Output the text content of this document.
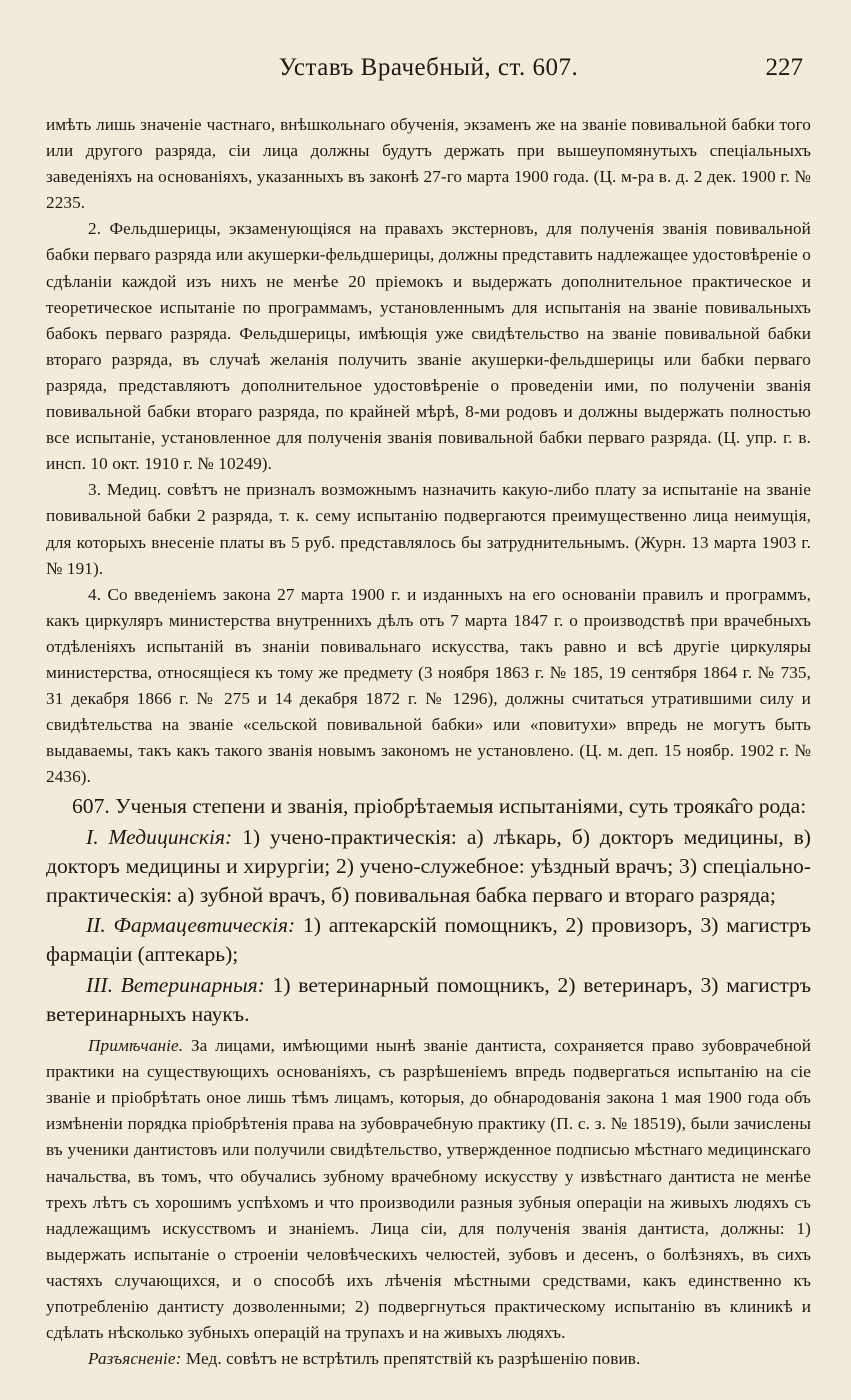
Уставъ Врачебный, ст. 607.	227

имѣть лишь значеніе частнаго, внѣшкольнаго обученія, экзаменъ же на званіе повивальной бабки того или другого разряда, сіи лица должны будутъ держать при вышеупомянутыхъ спеціальныхъ заведеніяхъ на основаніяхъ, указанныхъ въ законѣ 27-го марта 1900 года. (Ц. м-ра в. д. 2 дек. 1900 г. № 2235.

2. Фельдшерицы, экзаменующіяся на правахъ экстерновъ, для полученія званія повивальной бабки перваго разряда или акушерки-фельдшерицы, должны представить надлежащее удостовѣреніе о сдѣланіи каждой изъ нихъ не менѣе 20 пріемокъ и выдержать дополнительное практическое и теоретическое испытаніе по программамъ, установленнымъ для испытанія на званіе повивальныхъ бабокъ перваго разряда. Фельдшерицы, имѣющія уже свидѣтельство на званіе повивальной бабки втораго разряда, въ случаѣ желанія получить званіе акушерки-фельдшерицы или бабки перваго разряда, представляютъ дополнительное удостовѣреніе о проведеніи ими, по полученіи званія повивальной бабки втораго разряда, по крайней мѣрѣ, 8-ми родовъ и должны выдержать полностью все испытаніе, установленное для полученія званія повивальной бабки перваго разряда. (Ц. упр. г. в. инсп. 10 окт. 1910 г. № 10249).

3. Медиц. совѣтъ не призналъ возможнымъ назначить какую-либо плату за испытаніе на званіе повивальной бабки 2 разряда, т. к. сему испытанію подвергаются преимущественно лица неимущія, для которыхъ внесеніе платы въ 5 руб. представлялось бы затруднительнымъ. (Журн. 13 марта 1903 г. № 191).

4. Со введеніемъ закона 27 марта 1900 г. и изданныхъ на его основаніи правилъ и программъ, какъ циркуляръ министерства внутреннихъ дѣлъ отъ 7 марта 1847 г. о производствѣ при врачебныхъ отдѣленіяхъ испытаній въ знаніи повивальнаго искусства, такъ равно и всѣ другіе циркуляры министерства, относящіеся къ тому же предмету (3 ноября 1863 г. № 185, 19 сентября 1864 г. № 735, 31 декабря 1866 г. № 275 и 14 декабря 1872 г. № 1296), должны считаться утратившими силу и свидѣтельства на званіе «сельской повивальной бабки» или «повитухи» впредь не могутъ быть выдаваемы, такъ какъ такого званія новымъ закономъ не установлено. (Ц. м. деп. 15 ноябр. 1902 г. № 2436).

607. Ученыя степени и званія, пріобрѣтаемыя испытаніями, суть трояка̂го рода:

I. Медицинскія: 1) учено-практическія: а) лѣкарь, б) докторъ медицины, в) докторъ медицины и хирургіи; 2) учено-служебное: уѣздный врачъ; 3) спеціально-практическія: а) зубной врачъ, б) повивальная бабка перваго и втораго разряда;

II. Фармацевтическія: 1) аптекарскій помощникъ, 2) провизоръ, 3) магистръ фармаціи (аптекарь);

III. Ветеринарныя: 1) ветеринарный помощникъ, 2) ветеринаръ, 3) магистръ ветеринарныхъ наукъ.

Примѣчаніе. За лицами, имѣющими нынѣ званіе дантиста, сохраняется право зубоврачебной практики на существующихъ основаніяхъ, съ разрѣшеніемъ впредь подвергаться испытанію на сіе званіе и пріобрѣтать оное лишь тѣмъ лицамъ, которыя, до обнародованія закона 1 мая 1900 года объ измѣненіи порядка пріобрѣтенія права на зубоврачебную практику (П. с. з. № 18519), были зачислены въ ученики дантистовъ или получили свидѣтельство, утвержденное подписью мѣстнаго медицинскаго начальства, въ томъ, что обучались зубному врачебному искусству у извѣстнаго дантиста не менѣе трехъ лѣтъ съ хорошимъ успѣхомъ и что производили разныя зубныя операціи на живыхъ людяхъ съ надлежащимъ искусствомъ и знаніемъ. Лица сіи, для полученія званія дантиста, должны: 1) выдержать испытаніе о строеніи человѣческихъ челюстей, зубовъ и десенъ, о болѣзняхъ, въ сихъ частяхъ случающихся, и о способѣ ихъ лѣченія мѣстными средствами, какъ единственно къ употребленію дантисту дозволенными; 2) подвергнуться практическому испытанію въ клиникѣ и сдѣлать нѣсколько зубныхъ операцій на трупахъ и на живыхъ людяхъ.

Разъясненіе: Мед. совѣтъ не встрѣтилъ препятствій къ разрѣшенію повив.
